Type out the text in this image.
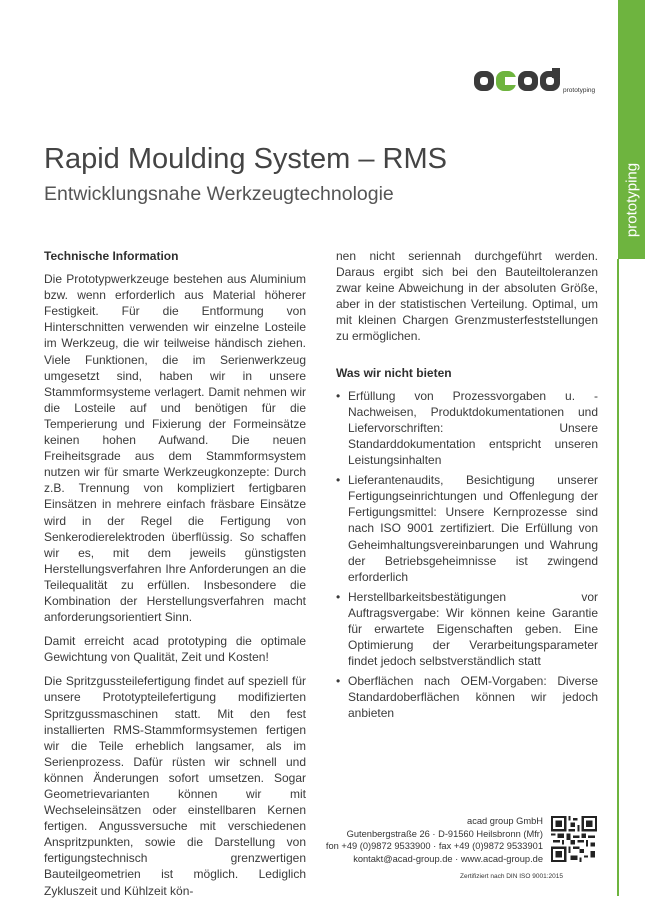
prototyping
prototyping
Rapid Moulding System – RMS
Entwicklungsnahe Werkzeugtechnologie
Technische Information

Die Prototypwerkzeuge bestehen aus Aluminium bzw. wenn erforderlich aus Material höherer Festigkeit. Für die Entformung von Hinterschnitten verwenden wir einzelne Losteile im Werkzeug, die wir teilweise händisch ziehen. Viele Funktionen, die im Serienwerkzeug umgesetzt sind, haben wir in unsere Stammformsysteme verlagert. Damit nehmen wir die Losteile auf und benötigen für die Temperierung und Fixierung der Formeinsätze keinen hohen Aufwand. Die neuen Freiheitsgrade aus dem Stammformsystem nutzen wir für smarte Werkzeugkonzepte: Durch z.B. Trennung von kompliziert fertigbaren Einsätzen in mehrere einfach fräsbare Einsätze wird in der Regel die Fertigung von Senkerodierelektroden überflüssig. So schaffen wir es, mit dem jeweils günstigsten Herstellungsverfahren Ihre Anforderungen an die Teilequalität zu erfüllen. Insbesondere die Kombination der Herstellungsverfahren macht anforderungsorientiert Sinn.

Damit erreicht acad prototyping die optimale Gewichtung von Qualität, Zeit und Kosten!

Die Spritzgussteilefertigung findet auf speziell für unsere Prototypteilefertigung modifizierten Spritzgussmaschinen statt. Mit den fest installierten RMS-Stammformsystemen fertigen wir die Teile erheblich langsamer, als im Serienprozess. Dafür rüsten wir schnell und können Änderungen sofort umsetzen. Sogar Geometrievarianten können wir mit Wechseleinsätzen oder einstellbaren Kernen fertigen. Angussversuche mit verschiedenen Anspritzpunkten, sowie die Darstellung von fertigungstechnisch grenzwertigen Bauteilgeometrien ist möglich. Lediglich Zykluszeit und Kühlzeit kön-

nen nicht seriennah durchgeführt werden. Daraus ergibt sich bei den Bauteiltoleranzen zwar keine Abweichung in der absoluten Größe, aber in der statistischen Verteilung. Optimal, um mit kleinen Chargen Grenzmusterfeststellungen zu ermöglichen.

Was wir nicht bieten
• Erfüllung von Prozessvorgaben u. -Nachweisen, Produktdokumentationen und Liefervorschriften: Unsere Standarddokumentation entspricht unseren Leistungsinhalten
• Lieferantenaudits, Besichtigung unserer Fertigungseinrichtungen und Offenlegung der Fertigungsmittel: Unsere Kernprozesse sind nach ISO 9001 zertifiziert. Die Erfüllung von Geheimhaltungsvereinbarungen und Wahrung der Betriebsgeheimnisse ist zwingend erforderlich
• Herstellbarkeitsbestätigungen vor Auftragsvergabe: Wir können keine Garantie für erwartete Eigenschaften geben. Eine Optimierung der Verarbeitungsparameter findet jedoch selbstverständlich statt
• Oberflächen nach OEM-Vorgaben: Diverse Standardoberflächen können wir jedoch anbieten
acad group GmbH
Gutenbergstraße 26 · D-91560 Heilsbronn (Mfr)
fon +49 (0)9872 9533900 · fax +49 (0)9872 9533901
kontakt@acad-group.de · www.acad-group.de
Zertifiziert nach DIN ISO 9001:2015
